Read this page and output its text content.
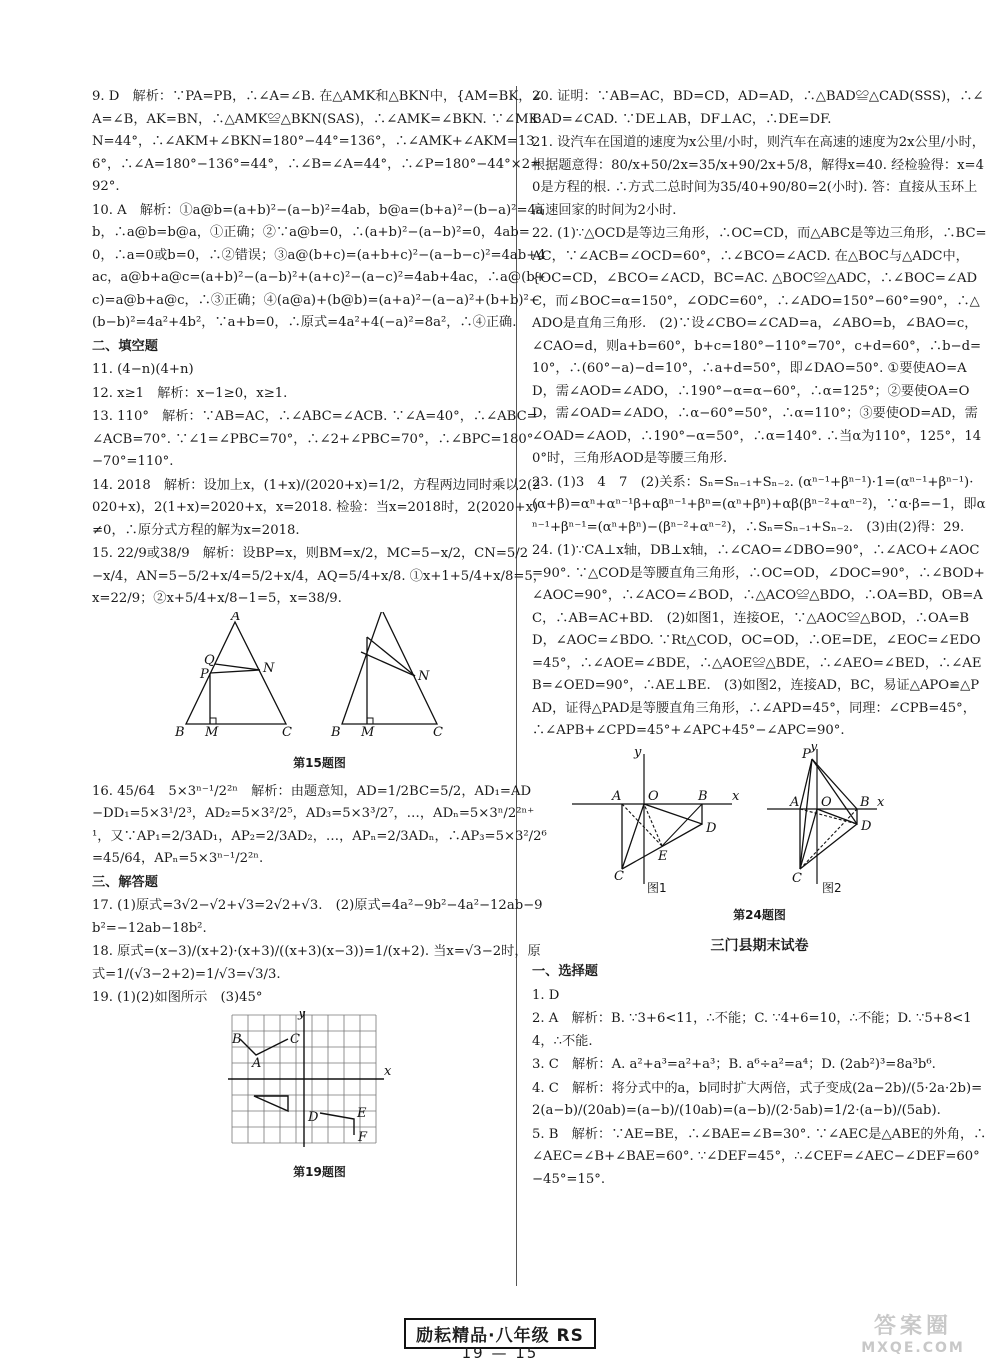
9. D　解析：∵PA=PB，∴∠A=∠B. 在△AMK和△BKN中，{AM=BK，∠A=∠B，AK=BN，∴△AMK≌△BKN(SAS)，∴∠AMK=∠BKN. ∵∠MKN=44°，∴∠AKM+∠BKN=180°−44°=136°，∴∠AMK+∠AKM=136°，∴∠A=180°−136°=44°，∴∠B=∠A=44°，∴∠P=180°−44°×2=92°.

10. A　解析：①a@b=(a+b)²−(a−b)²=4ab，b@a=(b+a)²−(b−a)²=4ab，∴a@b=b@a，①正确；②∵a@b=0，∴(a+b)²−(a−b)²=0，4ab=0，∴a=0或b=0，∴②错误；③a@(b+c)=(a+b+c)²−(a−b−c)²=4ab+4ac，a@b+a@c=(a+b)²−(a−b)²+(a+c)²−(a−c)²=4ab+4ac，∴a@(b+c)=a@b+a@c，∴③正确；④(a@a)+(b@b)=(a+a)²−(a−a)²+(b+b)²−(b−b)²=4a²+4b²，∵a+b=0，∴原式=4a²+4(−a)²=8a²，∴④正确.

二、填空题

11. (4−n)(4+n)

12. x≥1　解析：x−1≥0，x≥1.

13. 110°　解析：∵AB=AC，∴∠ABC=∠ACB. ∵∠A=40°，∴∠ABC=∠ACB=70°. ∵∠1=∠PBC=70°，∴∠2+∠PBC=70°，∴∠BPC=180°−70°=110°.

14. 2018　解析：设加上x，(1+x)/(2020+x)=1/2，方程两边同时乘以2(2020+x)，2(1+x)=2020+x，x=2018. 检验：当x=2018时，2(2020+x)≠0，∴原分式方程的解为x=2018.

15. 22/9或38/9　解析：设BP=x，则BM=x/2，MC=5−x/2，CN=5/2−x/4，AN=5−5/2+x/4=5/2+x/4，AQ=5/4+x/8. ①x+1+5/4+x/8=5，x=22/9；②x+5/4+x/8−1=5，x=38/9.

A
B	C
M
P
Q
N
B	C
M
N

第15题图

16. 45/64　5×3ⁿ⁻¹/2²ⁿ　解析：由题意知，AD=1/2BC=5/2，AD₁=AD−DD₁=5×3¹/2³，AD₂=5×3²/2⁵，AD₃=5×3³/2⁷，…，ADₙ=5×3ⁿ/2²ⁿ⁺¹，又∵AP₁=2/3AD₁，AP₂=2/3AD₂，…，APₙ=2/3ADₙ，∴AP₃=5×3²/2⁶=45/64，APₙ=5×3ⁿ⁻¹/2²ⁿ.

三、解答题

17. (1)原式=3√2−√2+√3=2√2+√3.　(2)原式=4a²−9b²−4a²−12ab−9b²=−12ab−18b².

18. 原式=(x−3)/(x+2)·(x+3)/((x+3)(x−3))=1/(x+2). 当x=√3−2时，原式=1/(√3−2+2)=1/√3=√3/3.

19. (1)(2)如图所示　(3)45°

B	C
A
D	E
F
x
y

第19题图

20. 证明：∵AB=AC，BD=CD，AD=AD，∴△BAD≌△CAD(SSS)，∴∠BAD=∠CAD. ∵DE⊥AB，DF⊥AC，∴DE=DF.

21. 设汽车在国道的速度为x公里/小时，则汽车在高速的速度为2x公里/小时，根据题意得：80/x+50/2x=35/x+90/2x+5/8，解得x=40. 经检验得：x=40是方程的根. ∴方式二总时间为35/40+90/80=2(小时). 答：直接从玉环上高速回家的时间为2小时.

22. (1)∵△OCD是等边三角形，∴OC=CD，而△ABC是等边三角形，∴BC=AC，∵∠ACB=∠OCD=60°，∴∠BCO=∠ACD. 在△BOC与△ADC中，{OC=CD，∠BCO=∠ACD，BC=AC. △BOC≌△ADC，∴∠BOC=∠ADC，而∠BOC=α=150°，∠ODC=60°，∴∠ADO=150°−60°=90°，∴△ADO是直角三角形.　(2)∵设∠CBO=∠CAD=a，∠ABO=b，∠BAO=c，∠CAO=d，则a+b=60°，b+c=180°−110°=70°，c+d=60°，∴b−d=10°，∴(60°−a)−d=10°，∴a+d=50°，即∠DAO=50°. ①要使AO=AD，需∠AOD=∠ADO，∴190°−α=α−60°，∴α=125°；②要使OA=OD，需∠OAD=∠ADO，∴α−60°=50°，∴α=110°；③要使OD=AD，需∠OAD=∠AOD，∴190°−α=50°，∴α=140°. ∴当α为110°，125°，140°时，三角形AOD是等腰三角形.

23. (1)3　4　7　(2)关系：Sₙ=Sₙ₋₁+Sₙ₋₂. (αⁿ⁻¹+βⁿ⁻¹)·1=(αⁿ⁻¹+βⁿ⁻¹)·(α+β)=αⁿ+αⁿ⁻¹β+αβⁿ⁻¹+βⁿ=(αⁿ+βⁿ)+αβ(βⁿ⁻²+αⁿ⁻²)，∵α·β=−1，即αⁿ⁻¹+βⁿ⁻¹=(αⁿ+βⁿ)−(βⁿ⁻²+αⁿ⁻²)，∴Sₙ=Sₙ₋₁+Sₙ₋₂.　(3)由(2)得：29.

24. (1)∵CA⊥x轴，DB⊥x轴，∴∠CAO=∠DBO=90°，∴∠ACO+∠AOC=90°. ∵△COD是等腰直角三角形，∴OC=OD，∠DOC=90°，∴∠BOD+∠AOC=90°，∴∠ACO=∠BOD，∴△ACO≌△BDO，∴OA=BD，OB=AC，∴AB=AC+BD.　(2)如图1，连接OE，∵△AOC≌△BOD，∴OA=BD，∠AOC=∠BDO. ∵Rt△COD，OC=OD，∴OE=DE，∠EOC=∠EDO=45°，∴∠AOE=∠BDE，∴△AOE≌△BDE，∴∠AEO=∠BED，∴∠AEB=∠OED=90°，∴AE⊥BE.　(3)如图2，连接AD，BC，易证△APO≌△PAD，证得△PAD是等腰直角三角形，∴∠APD=45°，同理：∠CPB=45°，∴∠APB+∠CPD=45°+∠APC+45°−∠APC=90°.

A O	B
D
E
C
x
y
A O B
D
C
P
x
y
图1	图2

第24题图

三门县期末试卷

一、选择题

1. D

2. A　解析：B. ∵3+6<11，∴不能；C. ∵4+6=10，∴不能；D. ∵5+8<14，∴不能.

3. C　解析：A. a²+a³=a²+a³；B. a⁶÷a²=a⁴；D. (2ab²)³=8a³b⁶.

4. C　解析：将分式中的a，b同时扩大两倍，式子变成(2a−2b)/(5·2a·2b)=2(a−b)/(20ab)=(a−b)/(10ab)=(a−b)/(2·5ab)=1/2·(a−b)/(5ab).

5. B　解析：∵AE=BE，∴∠BAE=∠B=30°. ∵∠AEC是△ABE的外角，∴∠AEC=∠B+∠BAE=60°. ∵∠DEF=45°，∴∠CEF=∠AEC−∠DEF=60°−45°=15°.

励耘精品·八年级 RS
19 — 15
答案圈
MXQE.COM
